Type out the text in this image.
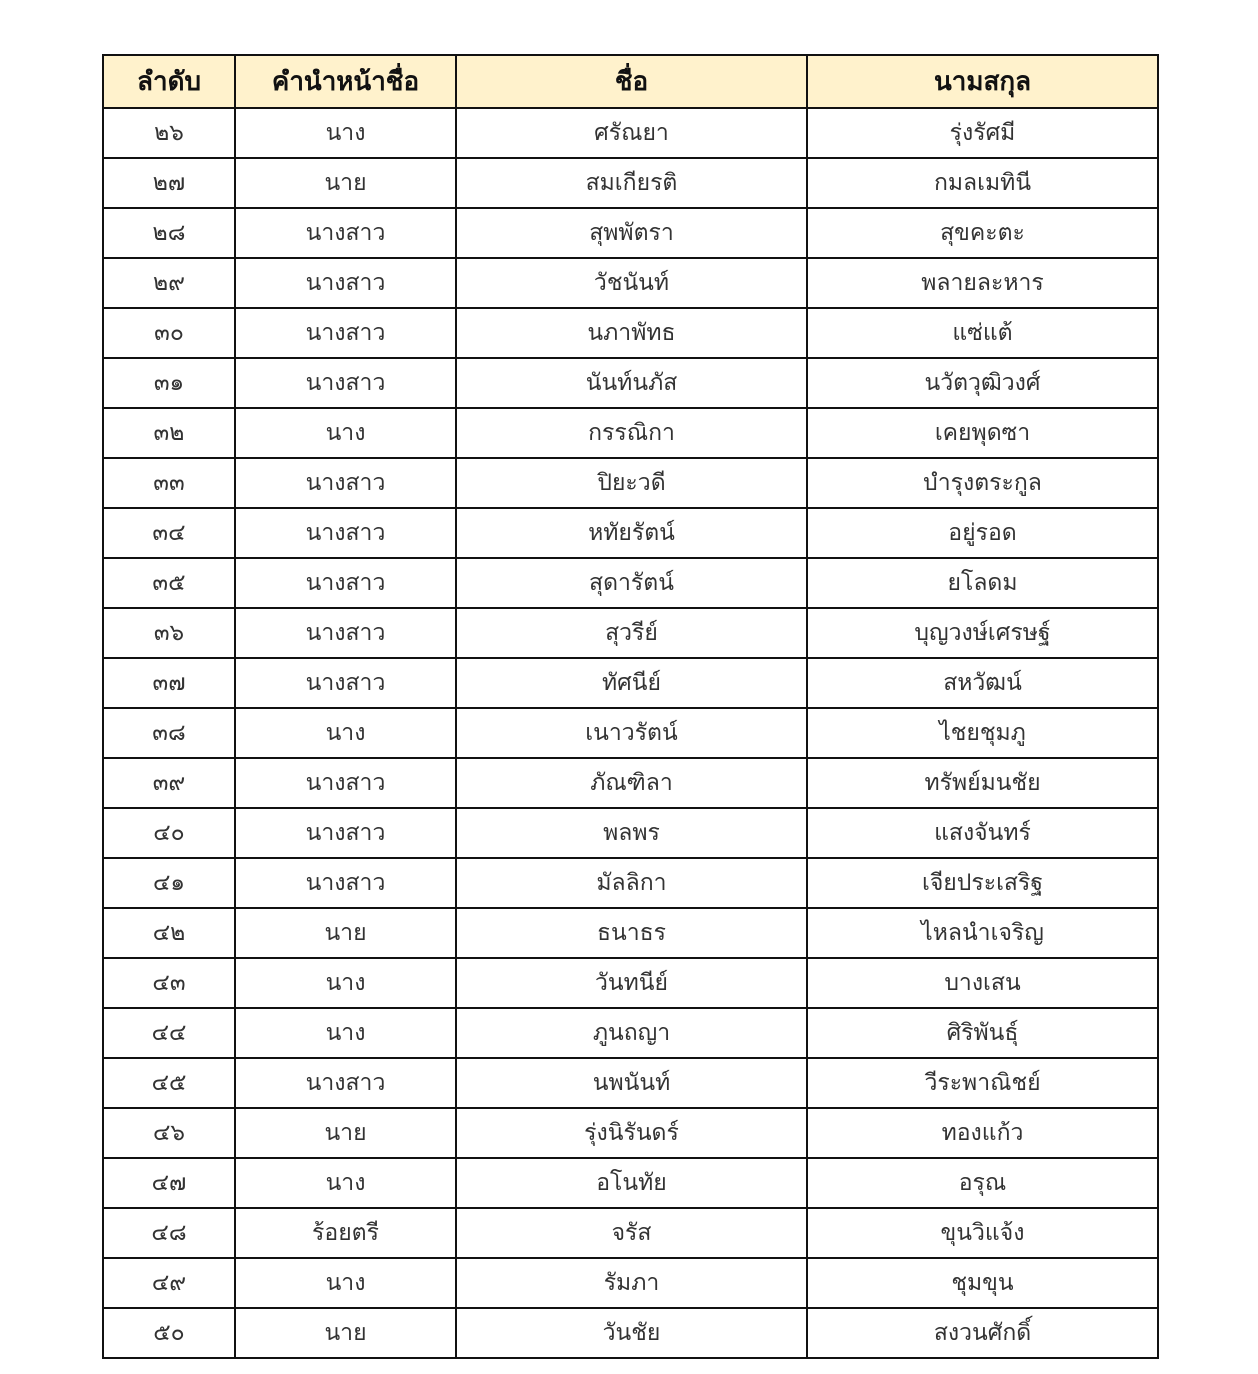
ลำดับ	คำนำหน้าชื่อ	ชื่อ	นามสกุล
๒๖	นาง	ศรัณยา	รุ่งรัศมี
๒๗	นาย	สมเกียรติ	กมลเมทินี
๒๘	นางสาว	สุพพัตรา	สุขคะตะ
๒๙	นางสาว	วัชนันท์	พลายละหาร
๓๐	นางสาว	นภาพัทธ	แซ่แต้
๓๑	นางสาว	นันท์นภัส	นวัตวุฒิวงศ์
๓๒	นาง	กรรณิกา	เคยพุดซา
๓๓	นางสาว	ปิยะวดี	บำรุงตระกูล
๓๔	นางสาว	หทัยรัตน์	อยู่รอด
๓๕	นางสาว	สุดารัตน์	ยโลดม
๓๖	นางสาว	สุวรีย์	บุญวงษ์เศรษฐ์
๓๗	นางสาว	ทัศนีย์	สหวัฒน์
๓๘	นาง	เนาวรัตน์	ไชยชุมภู
๓๙	นางสาว	ภัณฑิลา	ทรัพย์มนชัย
๔๐	นางสาว	พลพร	แสงจันทร์
๔๑	นางสาว	มัลลิกา	เจียประเสริฐ
๔๒	นาย	ธนาธร	ไหลนำเจริญ
๔๓	นาง	วันทนีย์	บางเสน
๔๔	นาง	ภูนถญา	ศิริพันธุ์
๔๕	นางสาว	นพนันท์	วีระพาณิชย์
๔๖	นาย	รุ่งนิรันดร์	ทองแก้ว
๔๗	นาง	อโนทัย	อรุณ
๔๘	ร้อยตรี	จรัส	ขุนวิแจ้ง
๔๙	นาง	รัมภา	ชุมขุน
๕๐	นาย	วันชัย	สงวนศักดิ์
